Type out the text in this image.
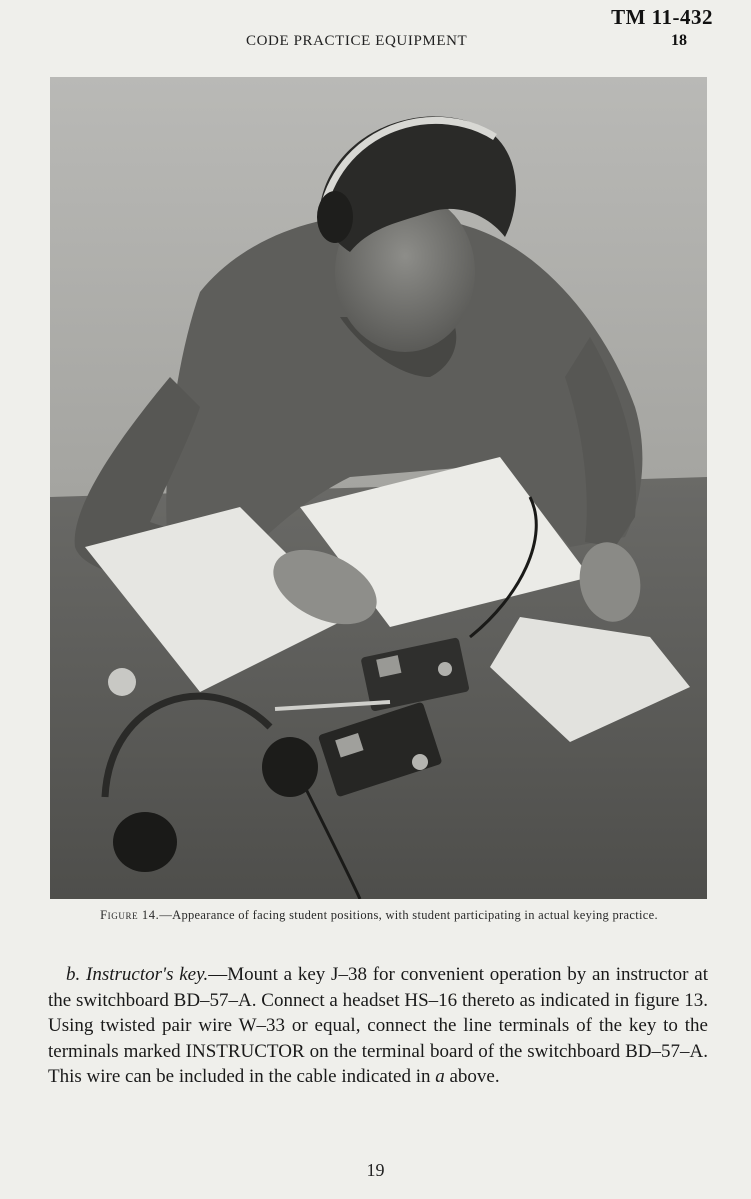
TM 11-432
CODE PRACTICE EQUIPMENT	18
Figure 14.—Appearance of facing student positions, with student participating in actual keying practice.
b. Instructor's key.—Mount a key J–38 for convenient operation by an instructor at the switchboard BD–57–A. Connect a headset HS–16 thereto as indicated in figure 13. Using twisted pair wire W–33 or equal, connect the line terminals of the key to the terminals marked INSTRUCTOR on the terminal board of the switchboard BD–57–A. This wire can be included in the cable indicated in a above.
19
